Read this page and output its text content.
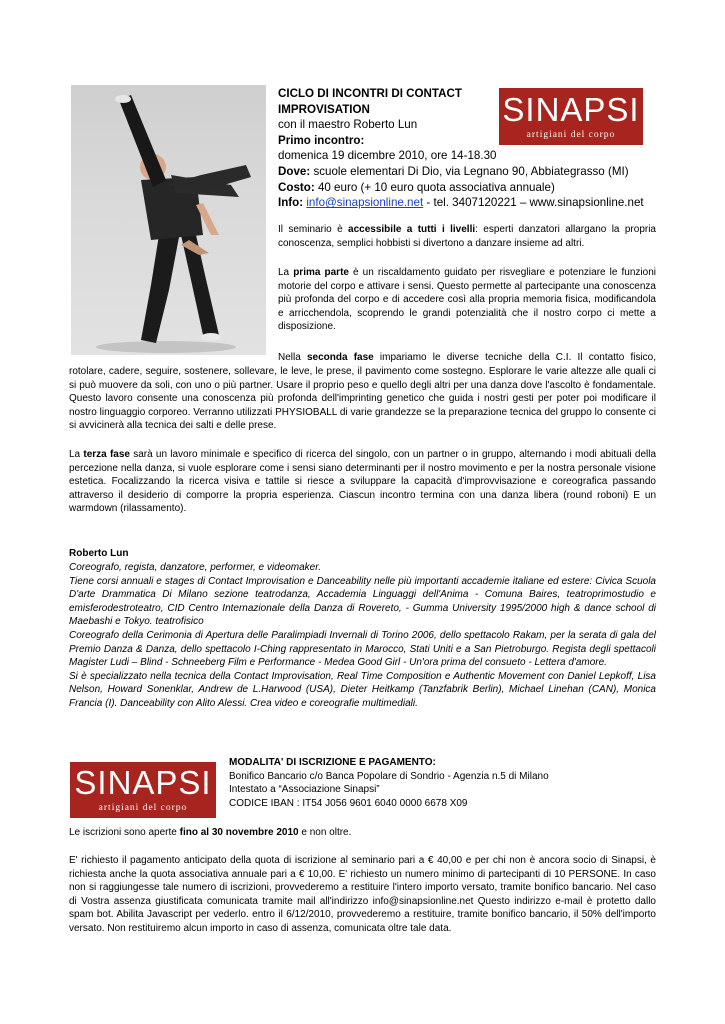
SINAPSI
artigiani del corpo
CICLO DI INCONTRI DI CONTACT
IMPROVISATION
con il maestro Roberto Lun
Primo incontro:
domenica 19 dicembre 2010, ore 14-18.30
Dove: scuole elementari Di Dio, via Legnano 90, Abbiategrasso (MI)
Costo: 40 euro (+ 10 euro quota associativa annuale)
Info: info@sinapsionline.net - tel. 3407120221 – www.sinapsionline.net
Il seminario è accessibile a tutti i livelli: esperti danzatori allargano la propria conoscenza, semplici hobbisti si divertono a danzare insieme ad altri.
La prima parte è un riscaldamento guidato per risvegliare e potenziare le funzioni motorie del corpo e attivare i sensi. Questo permette al partecipante una conoscenza più profonda del corpo e di accedere così alla propria memoria fisica, modificandola e arricchendola, scoprendo le grandi potenzialità che il nostro corpo ci mette a disposizione.
Nella seconda fase impariamo le diverse tecniche della C.I. Il contatto fisico,
rotolare, cadere, seguire, sostenere, sollevare, le leve, le prese, il pavimento come sostegno. Esplorare le varie altezze alle quali ci si può muovere da soli, con uno o più partner. Usare il proprio peso e quello degli altri per una danza dove l'ascolto è fondamentale. Questo lavoro consente una conoscenza più profonda dell'imprinting genetico che guida i nostri gesti per poter poi modificare il nostro linguaggio corporeo. Verranno utilizzati PHYSIOBALL di varie grandezze se la preparazione tecnica del gruppo lo consente ci si avvicinerà alla tecnica dei salti e delle prese.
La terza fase sarà un lavoro minimale e specifico di ricerca del singolo, con un partner o in gruppo, alternando i modi abituali della percezione nella danza, si vuole esplorare come i sensi siano determinanti per il nostro movimento e per la nostra personale visione estetica. Focalizzando la ricerca visiva e tattile si riesce a sviluppare la capacità d'improvvisazione e coreografica passando attraverso il desiderio di comporre la propria esperienza. Ciascun incontro termina con una danza libera (round roboni) E un warmdown (rilassamento).
Roberto Lun

Coreografo, regista, danzatore, performer, e videomaker.

Tiene corsi annuali e stages di Contact Improvisation e Danceability nelle più importanti accademie italiane ed estere: Civica Scuola D'arte Drammatica Di Milano sezione teatrodanza, Accademia Linguaggi dell'Anima - Comuna Baires, teatroprimostudio e emisferodestroteatro, CID Centro Internazionale della Danza di Rovereto, - Gumma University 1995/2000 high & dance school di Maebashi e Tokyo. teatrofisico

Coreografo della Cerimonia di Apertura delle Paralimpiadi Invernali di Torino 2006, dello spettacolo Rakam, per la serata di gala del Premio Danza & Danza, dello spettacolo I-Ching rappresentato in Marocco, Stati Uniti e a San Pietroburgo. Regista degli spettacoli Magister Ludi – Blind - Schneeberg Film e Performance - Medea Good Girl - Un'ora prima del consueto - Lettera d'amore.

Si è specializzato nella tecnica della Contact Improvisation, Real Time Composition e Authentic Movement con Daniel Lepkoff, Lisa Nelson, Howard Sonenklar, Andrew de L.Harwood (USA), Dieter Heitkamp (Tanzfabrik Berlin), Michael Linehan (CAN), Monica Francia (I). Danceability con Alito Alessi. Crea video e coreografie multimediali.

SINAPSI
artigiani del corpo

MODALITA' DI ISCRIZIONE E PAGAMENTO:

Bonifico Bancario c/o Banca Popolare di Sondrio - Agenzia n.5 di Milano

Intestato a “Associazione Sinapsi”

CODICE IBAN : IT54 J056 9601 6040 0000 6678 X09

Le iscrizioni sono aperte fino al 30 novembre 2010 e non oltre.
E' richiesto il pagamento anticipato della quota di iscrizione al seminario pari a € 40,00 e per chi non è ancora socio di Sinapsi, è richiesta anche la quota associativa annuale pari a € 10,00. E' richiesto un numero minimo di partecipanti di 10 PERSONE. In caso non si raggiungesse tale numero di iscrizioni, provvederemo a restituire l'intero importo versato, tramite bonifico bancario. Nel caso di Vostra assenza giustificata comunicata tramite mail all'indirizzo info@sinapsionline.net Questo indirizzo e-mail è protetto dallo spam bot. Abilita Javascript per vederlo. entro il 6/12/2010, provvederemo a restituire, tramite bonifico bancario, il 50% dell'importo versato. Non restituiremo alcun importo in caso di assenza, comunicata oltre tale data.
